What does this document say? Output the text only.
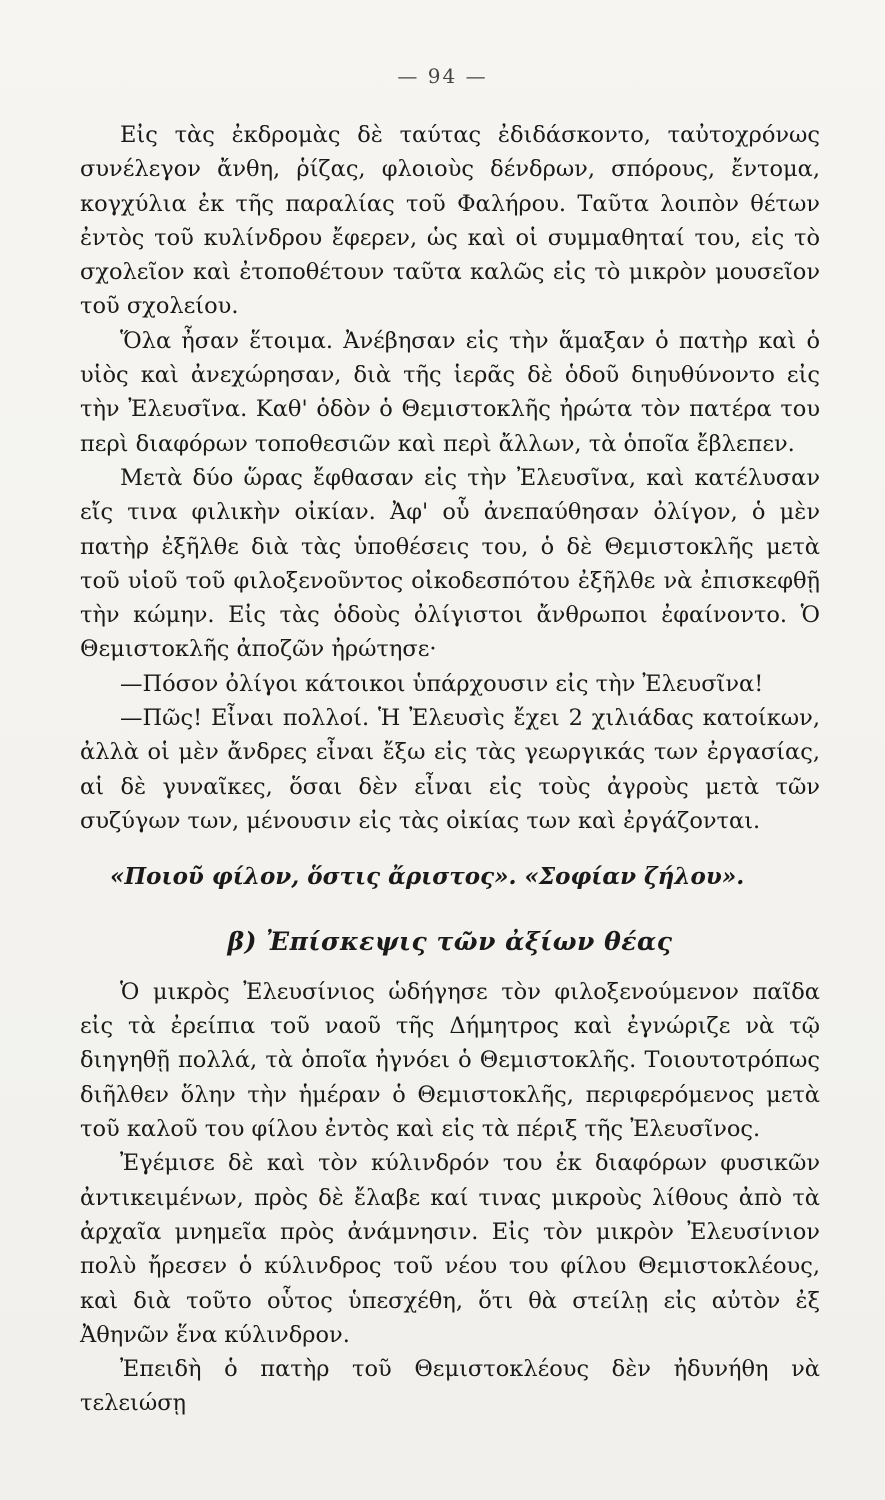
— 94 —

Εἰς τὰς ἐκδρομὰς δὲ ταύτας ἐδιδάσκοντο, ταὐτοχρόνως συνέλεγον ἄνθη, ῥίζας, φλοιοὺς δένδρων, σπόρους, ἔντομα, κογχύλια ἐκ τῆς παραλίας τοῦ Φαλήρου. Ταῦτα λοιπὸν θέτων ἐντὸς τοῦ κυλίνδρου ἔφερεν, ὡς καὶ οἱ συμμαθηταί του, εἰς τὸ σχολεῖον καὶ ἐτοποθέτουν ταῦτα καλῶς εἰς τὸ μικρὸν μουσεῖον τοῦ σχολείου.

Ὅλα ἦσαν ἕτοιμα. Ἀνέβησαν εἰς τὴν ἅμαξαν ὁ πατὴρ καὶ ὁ υἱὸς καὶ ἀνεχώρησαν, διὰ τῆς ἱερᾶς δὲ ὁδοῦ διηυθύνοντο εἰς τὴν Ἐλευσῖνα. Καθ' ὁδὸν ὁ Θεμιστοκλῆς ἠρώτα τὸν πατέρα του περὶ διαφόρων τοποθεσιῶν καὶ περὶ ἄλλων, τὰ ὁποῖα ἔβλεπεν.

Μετὰ δύο ὥρας ἔφθασαν εἰς τὴν Ἐλευσῖνα, καὶ κατέλυσαν εἴς τινα φιλικὴν οἰκίαν. Ἀφ' οὗ ἀνεπαύθησαν ὀλίγον, ὁ μὲν πατὴρ ἐξῆλθε διὰ τὰς ὑποθέσεις του, ὁ δὲ Θεμιστοκλῆς μετὰ τοῦ υἱοῦ τοῦ φιλοξενοῦντος οἰκοδεσπότου ἐξῆλθε νὰ ἐπισκεφθῇ τὴν κώμην. Εἰς τὰς ὁδοὺς ὀλίγιστοι ἄνθρωποι ἐφαίνοντο. Ὁ Θεμιστοκλῆς ἀποζῶν ἠρώτησε·

—Πόσον ὀλίγοι κάτοικοι ὑπάρχουσιν εἰς τὴν Ἐλευσῖνα!

—Πῶς! Εἶναι πολλοί. Ἡ Ἐλευσὶς ἔχει 2 χιλιάδας κατοίκων, ἀλλὰ οἱ μὲν ἄνδρες εἶναι ἔξω εἰς τὰς γεωργικάς των ἐργασίας, αἱ δὲ γυναῖκες, ὅσαι δὲν εἶναι εἰς τοὺς ἀγροὺς μετὰ τῶν συζύγων των, μένουσιν εἰς τὰς οἰκίας των καὶ ἐργάζονται.

«Ποιοῦ φίλον, ὅστις ἄριστος». «Σοφίαν ζήλου».

β) Ἐπίσκεψις τῶν ἀξίων θέας

Ὁ μικρὸς Ἐλευσίνιος ὡδήγησε τὸν φιλοξενούμενον παῖδα εἰς τὰ ἐρείπια τοῦ ναοῦ τῆς Δήμητρος καὶ ἐγνώριζε νὰ τῷ διηγηθῇ πολλά, τὰ ὁποῖα ἠγνόει ὁ Θεμιστοκλῆς. Τοιουτοτρόπως διῆλθεν ὅλην τὴν ἡμέραν ὁ Θεμιστοκλῆς, περιφερόμενος μετὰ τοῦ καλοῦ του φίλου ἐντὸς καὶ εἰς τὰ πέριξ τῆς Ἐλευσῖνος.

Ἐγέμισε δὲ καὶ τὸν κύλινδρόν του ἐκ διαφόρων φυσικῶν ἀντικειμένων, πρὸς δὲ ἔλαβε καί τινας μικροὺς λίθους ἀπὸ τὰ ἀρχαῖα μνημεῖα πρὸς ἀνάμνησιν. Εἰς τὸν μικρὸν Ἐλευσίνιον πολὺ ἤρεσεν ὁ κύλινδρος τοῦ νέου του φίλου Θεμιστοκλέους, καὶ διὰ τοῦτο οὗτος ὑπεσχέθη, ὅτι θὰ στείλῃ εἰς αὐτὸν ἐξ Ἀθηνῶν ἕνα κύλινδρον.

Ἐπειδὴ ὁ πατὴρ τοῦ Θεμιστοκλέους δὲν ἠδυνήθη νὰ τελειώσῃ
